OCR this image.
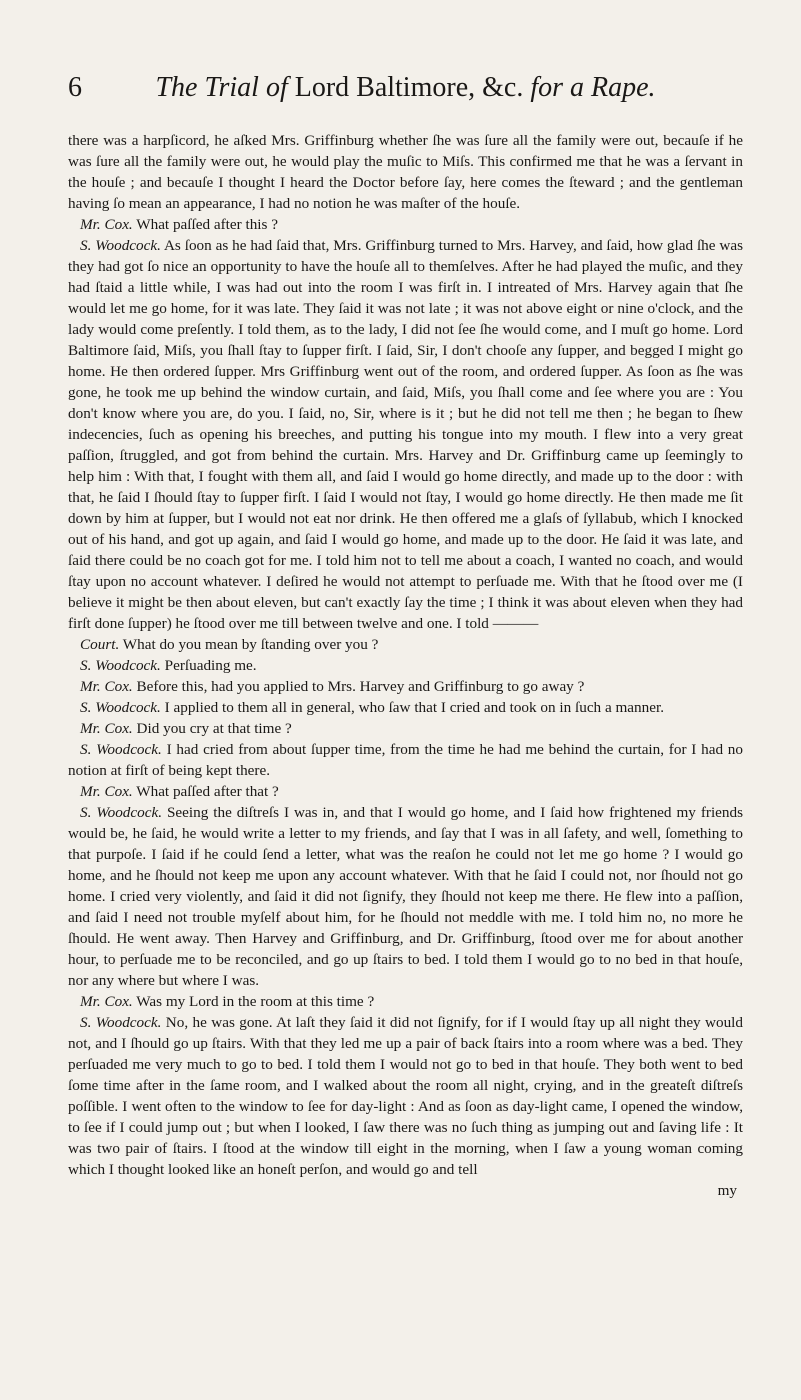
6	The Trial of Lord Baltimore, &c. for a Rape.

there was a harpſicord, he aſked Mrs. Griffinburg whether ſhe was ſure all the family were out, becauſe if he was ſure all the family were out, he would play the muſic to Miſs. This confirmed me that he was a ſervant in the houſe ; and becauſe I thought I heard the Doctor before ſay, here comes the ſteward ; and the gentleman having ſo mean an appearance, I had no notion he was maſter of the houſe.

Mr. Cox. What paſſed after this ?

S. Woodcock. As ſoon as he had ſaid that, Mrs. Griffinburg turned to Mrs. Harvey, and ſaid, how glad ſhe was they had got ſo nice an opportunity to have the houſe all to themſelves. After he had played the muſic, and they had ſtaid a little while, I was had out into the room I was firſt in. I intreated of Mrs. Harvey again that ſhe would let me go home, for it was late. They ſaid it was not late ; it was not above eight or nine o'clock, and the lady would come preſently. I told them, as to the lady, I did not ſee ſhe would come, and I muſt go home. Lord Baltimore ſaid, Miſs, you ſhall ſtay to ſupper firſt. I ſaid, Sir, I don't chooſe any ſupper, and begged I might go home. He then ordered ſupper. Mrs Griffinburg went out of the room, and ordered ſupper. As ſoon as ſhe was gone, he took me up behind the window curtain, and ſaid, Miſs, you ſhall come and ſee where you are : You don't know where you are, do you. I ſaid, no, Sir, where is it ; but he did not tell me then ; he began to ſhew indecencies, ſuch as opening his breeches, and putting his tongue into my mouth. I flew into a very great paſſion, ſtruggled, and got from behind the curtain. Mrs. Harvey and Dr. Griffinburg came up ſeemingly to help him : With that, I fought with them all, and ſaid I would go home directly, and made up to the door : with that, he ſaid I ſhould ſtay to ſupper firſt. I ſaid I would not ſtay, I would go home directly. He then made me ſit down by him at ſupper, but I would not eat nor drink. He then offered me a glaſs of ſyllabub, which I knocked out of his hand, and got up again, and ſaid I would go home, and made up to the door. He ſaid it was late, and ſaid there could be no coach got for me. I told him not to tell me about a coach, I wanted no coach, and would ſtay upon no account whatever. I deſired he would not attempt to perſuade me. With that he ſtood over me (I believe it might be then about eleven, but can't exactly ſay the time ; I think it was about eleven when they had firſt done ſupper) he ſtood over me till between twelve and one. I told ———

Court. What do you mean by ſtanding over you ?

S. Woodcock. Perſuading me.

Mr. Cox. Before this, had you applied to Mrs. Harvey and Griffinburg to go away ?

S. Woodcock. I applied to them all in general, who ſaw that I cried and took on in ſuch a manner.

Mr. Cox. Did you cry at that time ?

S. Woodcock. I had cried from about ſupper time, from the time he had me behind the curtain, for I had no notion at firſt of being kept there.

Mr. Cox. What paſſed after that ?

S. Woodcock. Seeing the diſtreſs I was in, and that I would go home, and I ſaid how frightened my friends would be, he ſaid, he would write a letter to my friends, and ſay that I was in all ſafety, and well, ſomething to that purpoſe. I ſaid if he could ſend a letter, what was the reaſon he could not let me go home ? I would go home, and he ſhould not keep me upon any account whatever. With that he ſaid I could not, nor ſhould not go home. I cried very violently, and ſaid it did not ſignify, they ſhould not keep me there. He flew into a paſſion, and ſaid I need not trouble myſelf about him, for he ſhould not meddle with me. I told him no, no more he ſhould. He went away. Then Harvey and Griffinburg, and Dr. Griffinburg, ſtood over me for about another hour, to perſuade me to be reconciled, and go up ſtairs to bed. I told them I would go to no bed in that houſe, nor any where but where I was.

Mr. Cox. Was my Lord in the room at this time ?

S. Woodcock. No, he was gone. At laſt they ſaid it did not ſignify, for if I would ſtay up all night they would not, and I ſhould go up ſtairs. With that they led me up a pair of back ſtairs into a room where was a bed. They perſuaded me very much to go to bed. I told them I would not go to bed in that houſe. They both went to bed ſome time after in the ſame room, and I walked about the room all night, crying, and in the greateſt diſtreſs poſſible. I went often to the window to ſee for day-light : And as ſoon as day-light came, I opened the window, to ſee if I could jump out ; but when I looked, I ſaw there was no ſuch thing as jumping out and ſaving life : It was two pair of ſtairs. I ſtood at the window till eight in the morning, when I ſaw a young woman coming which I thought looked like an honeſt perſon, and would go and tell

my
